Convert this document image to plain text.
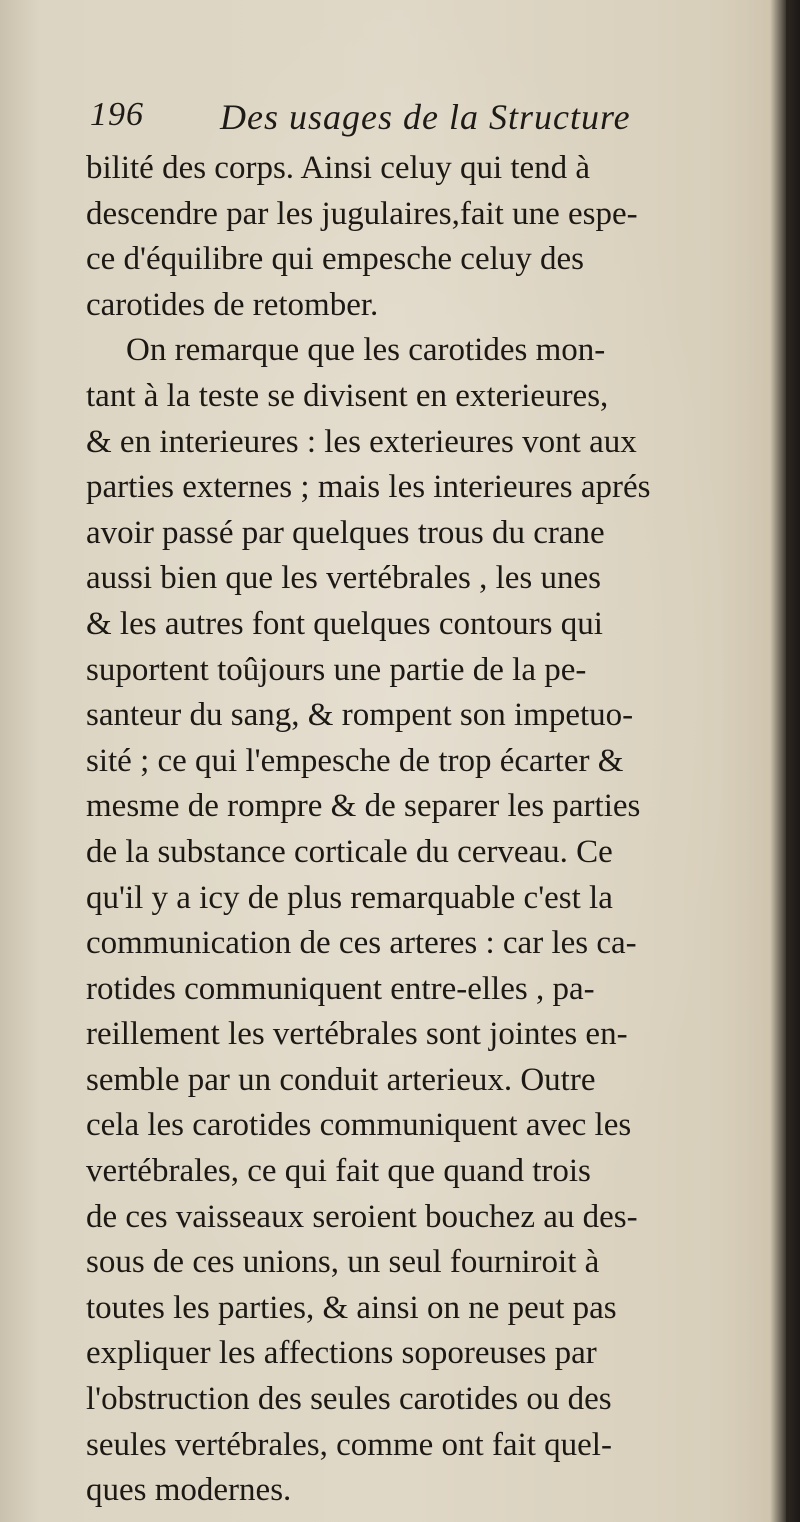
196 Des usages de la Structure
bilité des corps. Ainsi celuy qui tend à
descendre par les jugulaires,fait une espe-
ce d'équilibre qui empesche celuy des
carotides de retomber.
On remarque que les carotides mon-
tant à la teste se divisent en exterieures,
& en interieures : les exterieures vont aux
parties externes ; mais les interieures aprés
avoir passé par quelques trous du crane
aussi bien que les vertébrales , les unes
& les autres font quelques contours qui
suportent toûjours une partie de la pe-
santeur du sang, & rompent son impetuo-
sité ; ce qui l'empesche de trop écarter &
mesme de rompre & de separer les parties
de la substance corticale du cerveau. Ce
qu'il y a icy de plus remarquable c'est la
communication de ces arteres : car les ca-
rotides communiquent entre-elles , pa-
reillement les vertébrales sont jointes en-
semble par un conduit arterieux. Outre
cela les carotides communiquent avec les
vertébrales, ce qui fait que quand trois
de ces vaisseaux seroient bouchez au des-
sous de ces unions, un seul fourniroit à
toutes les parties, & ainsi on ne peut pas
expliquer les affections soporeuses par
l'obstruction des seules carotides ou des
seules vertébrales, comme ont fait quel-
ques modernes.
